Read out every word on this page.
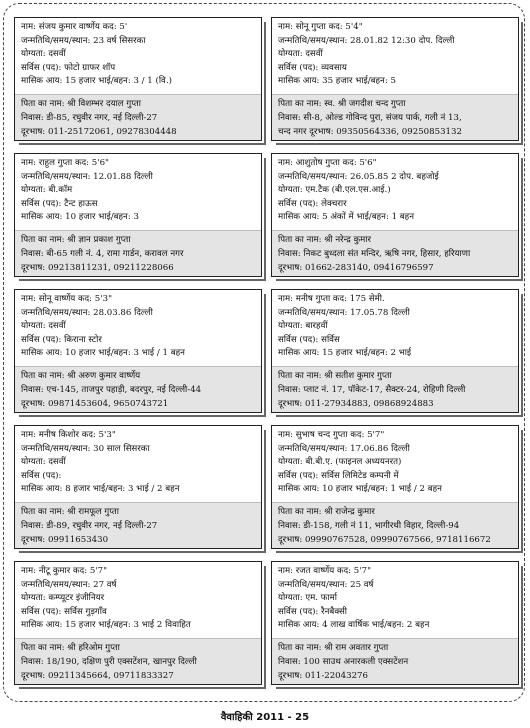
नाम: संजय कुमार वार्ष्णेय कद: 5'
जन्मतिथि/समय/स्थान: 23 वर्ष सिसरका
योग्यता: दसवीं
सर्विस (पद): फोटो ग्राफर शॉप
मासिक आय: 15 हजार भाई/बहन: 3 / 1 (वि.)
पिता का नाम: श्री विशम्भर दयाल गुप्ता
निवास: डी-85, रघुवीर नगर, नई दिल्ली-27
दूरभाष: 011-25172061, 09278304448
नाम: सोनू गुप्ता कद: 5'4"
जन्मतिथि/समय/स्थान: 28.01.82 12:30 दोप. दिल्ली
योग्यता: दसवीं
सर्विस (पद): व्यवसाय
मासिक आय: 35 हजार भाई/बहन: 5
पिता का नाम: स्व. श्री जगदीश चन्द गुप्ता
निवास: सी-8, ओल्ड गोविन्द पुरा, संजय पार्क, गली नं 13,
चन्द नगर दूरभाष: 09350564336, 09250853132
नाम: राहुल गुप्ता कद: 5'6"
जन्मतिथि/समय/स्थान: 12.01.88 दिल्ली
योग्यता: बी.कॉम
सर्विस (पद): टैन्ट हाऊस
मासिक आय: 10 हजार भाई/बहन: 3
पिता का नाम: श्री ज्ञान प्रकाश गुप्ता
निवास: बी-65 गली नं. 4, रामा गार्डन, करावल नगर
दूरभाष: 09213811231, 09211228066
नाम: आशुतोष गुप्ता कद: 5'6"
जन्मतिथि/समय/स्थान: 26.05.85 2 दोप. बहजोई
योग्यता: एम.टैक (बी.एल.एस.आई.)
सर्विस (पद): लेक्चरार
मासिक आय: 5 अंकों में भाई/बहन: 1 बहन
पिता का नाम: श्री नरेन्द्र कुमार
निवास: निकट बुध्दला संत मन्दिर, ऋषि नगर, हिसार, हरियाणा
दूरभाष: 01662-283140, 09416796597
नाम: सोनू वार्ष्णेय कद: 5'3"
जन्मतिथि/समय/स्थान: 28.03.86 दिल्ली
योग्यता: दसवीं
सर्विस (पद): किराना स्टोर
मासिक आय: 10 हजार भाई/बहन: 3 भाई / 1 बहन
पिता का नाम: श्री अरुण कुमार वार्ष्णेय
निवास: एच-145, ताजपुर पहाड़ी, बदरपुर, नई दिल्ली-44
दूरभाष: 09871453604, 9650743721
नाम: मनीष गुप्ता कद: 175 सेमी.
जन्मतिथि/समय/स्थान: 17.05.78 दिल्ली
योग्यता: बारहवीं
सर्विस (पद): सर्विस
मासिक आय: 15 हजार भाई/बहन: 2 भाई
पिता का नाम: श्री सतीश कुमार गुप्ता
निवास: प्लाट नं. 17, पॉकेट-17, सैक्टर-24, रोहिणी दिल्ली
दूरभाष: 011-27934883, 09868924883
नाम: मनीष किशोर कद: 5'3"
जन्मतिथि/समय/स्थान: 30 साल सिसरका
योग्यता: दसवीं
सर्विस (पद):
मासिक आय: 8 हजार भाई/बहन: 3 भाई / 2 बहन
पिता का नाम: श्री रामफूल गुप्ता
निवास: डी-89, रघुवीर नगर, नई दिल्ली-27
दूरभाष: 09911653430
नाम: सुभाष चन्द गुप्ता कद: 5'7"
जन्मतिथि/समय/स्थान: 17.06.86 दिल्ली
योग्यता: बी.बी.ए. (फाइनल अध्ययनरत)
सर्विस (पद): सर्विस लिमिटेड कम्पनी में
मासिक आय: 10 हजार भाई/बहन: 1 भाई / 2 बहन
पिता का नाम: श्री राजेन्द्र कुमार
निवास: डी-158, गली नं 11, भागीरथी विहार, दिल्ली-94
दूरभाष: 09990767528, 09990767566, 9718116672
नाम: नीटू कुमार कद: 5'7"
जन्मतिथि/समय/स्थान: 27 वर्ष
योग्यता: कम्प्यूटर इंजीनियर
सर्विस (पद): सर्विस गुड़गाँव
मासिक आय: 15 हजार भाई/बहन: 3 भाई 2 विवाहित
पिता का नाम: श्री हरिओम गुप्ता
निवास: 18/190, दक्षिण पुरी एक्सटेंशन, खानपुर दिल्ली
दूरभाष: 09211345664, 09711833327
नाम: रजत वार्ष्णेय कद: 5'7"
जन्मतिथि/समय/स्थान: 25 वर्ष
योग्यता: एम. फार्मा
सर्विस (पद): रैनबैक्सी
मासिक आय: 4 लाख वार्षिक भाई/बहन: 2 बहन
पिता का नाम: श्री राम अवतार गुप्ता
निवास: 100 साउथ अनारकली एक्सटेंशन
दूरभाष: 011-22043276
वैवाहिकी 2011 - 25
